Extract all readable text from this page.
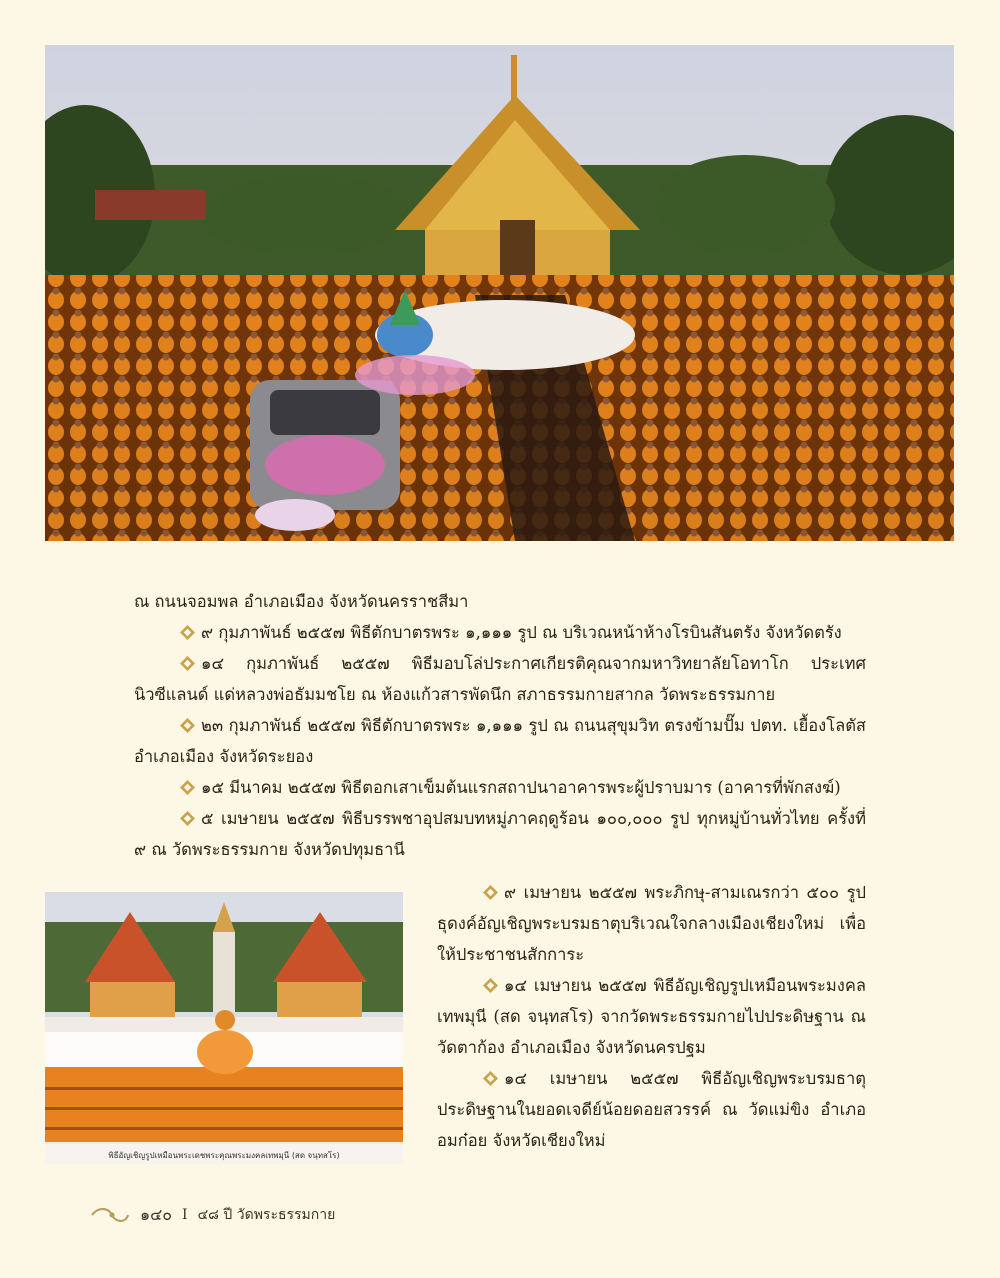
ณ ถนนจอมพล อำเภอเมือง จังหวัดนครราชสีมา

๙ กุมภาพันธ์ ๒๕๕๗ พิธีตักบาตรพระ ๑,๑๑๑ รูป ณ บริเวณหน้าห้างโรบินสันตรัง จังหวัดตรัง

๑๔ กุมภาพันธ์ ๒๕๕๗ พิธีมอบโล่ประกาศเกียรติคุณจากมหาวิทยาลัยโอทาโก ประเทศนิวซีแลนด์ แด่หลวงพ่อธัมมชโย ณ ห้องแก้วสารพัดนึก สภาธรรมกายสากล วัดพระธรรมกาย

๒๓ กุมภาพันธ์ ๒๕๕๗ พิธีตักบาตรพระ ๑,๑๑๑ รูป ณ ถนนสุขุมวิท ตรงข้ามปั๊ม ปตท. เยื้องโลตัส อำเภอเมือง จังหวัดระยอง

๑๕ มีนาคม ๒๕๕๗ พิธีตอกเสาเข็มต้นแรกสถาปนาอาคารพระผู้ปราบมาร (อาคารที่พักสงฆ์)

๕ เมษายน ๒๕๕๗ พิธีบรรพชาอุปสมบทหมู่ภาคฤดูร้อน ๑๐๐,๐๐๐ รูป ทุกหมู่บ้านทั่วไทย ครั้งที่ ๙ ณ วัดพระธรรมกาย จังหวัดปทุมธานี

พิธีอัญเชิญรูปเหมือนพระเดชพระคุณพระมงคลเทพมุนี (สด จนฺทสโร)

๙ เมษายน ๒๕๕๗ พระภิกษุ-สามเณรกว่า ๕๐๐ รูป ธุดงค์อัญเชิญพระบรมธาตุบริเวณใจกลางเมืองเชียงใหม่ เพื่อให้ประชาชนสักการะ

๑๔ เมษายน ๒๕๕๗ พิธีอัญเชิญรูปเหมือนพระมงคลเทพมุนี (สด จนฺทสโร) จากวัดพระธรรมกายไปประดิษฐาน ณ วัดตาก้อง อำเภอเมือง จังหวัดนครปฐม

๑๔ เมษายน ๒๕๕๗ พิธีอัญเชิญพระบรมธาตุประดิษฐานในยอดเจดีย์น้อยดอยสวรรค์ ณ วัดแม่ขิง อำเภออมก๋อย จังหวัดเชียงใหม่

๑๔๐ I ๔๘ ปี วัดพระธรรมกาย
